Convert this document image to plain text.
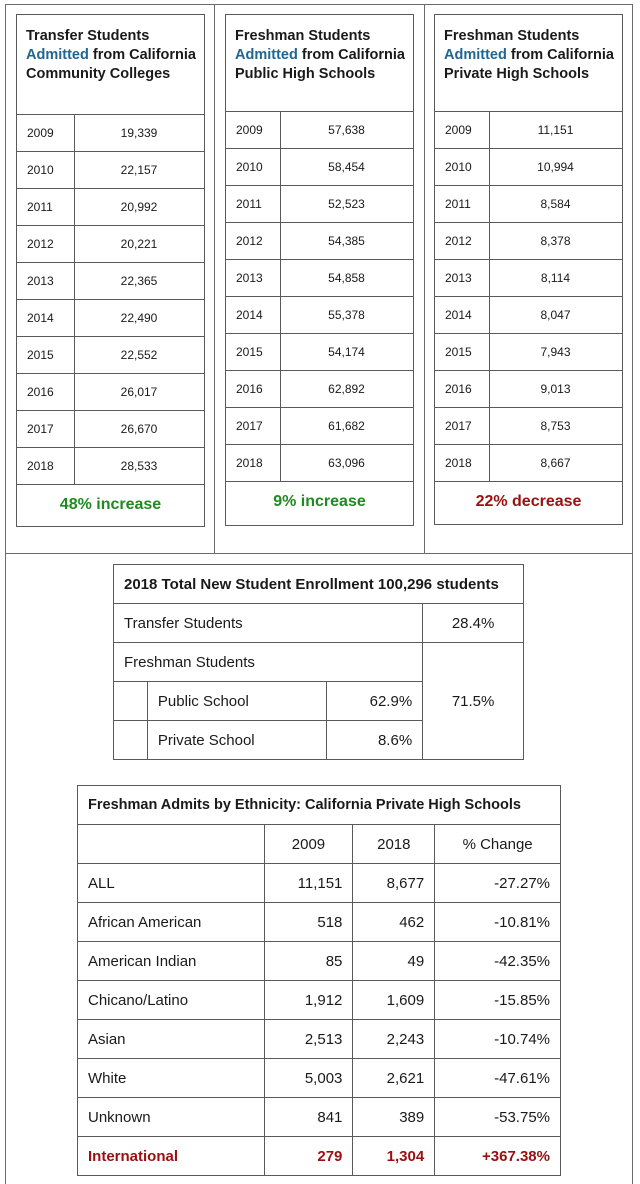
Transfer Students Admitted from California Community Colleges
2009	19,339
2010	22,157
2011	20,992
2012	20,221
2013	22,365
2014	22,490
2015	22,552
2016	26,017
2017	26,670
2018	28,533
48% increase
Freshman Students Admitted from California Public High Schools
2009	57,638
2010	58,454
2011	52,523
2012	54,385
2013	54,858
2014	55,378
2015	54,174
2016	62,892
2017	61,682
2018	63,096
9% increase
Freshman Students Admitted from California Private High Schools
2009	11,151
2010	10,994
2011	8,584
2012	8,378
2013	8,114
2014	8,047
2015	7,943
2016	9,013
2017	8,753
2018	8,667
22% decrease
2018 Total New Student Enrollment 100,296 students			
Transfer Students			28.4%
Freshman Students			71.5%
	Public School	62.9%	
	Private School	8.6%	
Freshman Admits by Ethnicity: California Private High Schools			
	2009	2018	% Change
ALL	11,151	8,677	-27.27%
African American	518	462	-10.81%
American Indian	85	49	-42.35%
Chicano/Latino	1,912	1,609	-15.85%
Asian	2,513	2,243	-10.74%
White	5,003	2,621	-47.61%
Unknown	841	389	-53.75%
International	279	1,304	+367.38%
